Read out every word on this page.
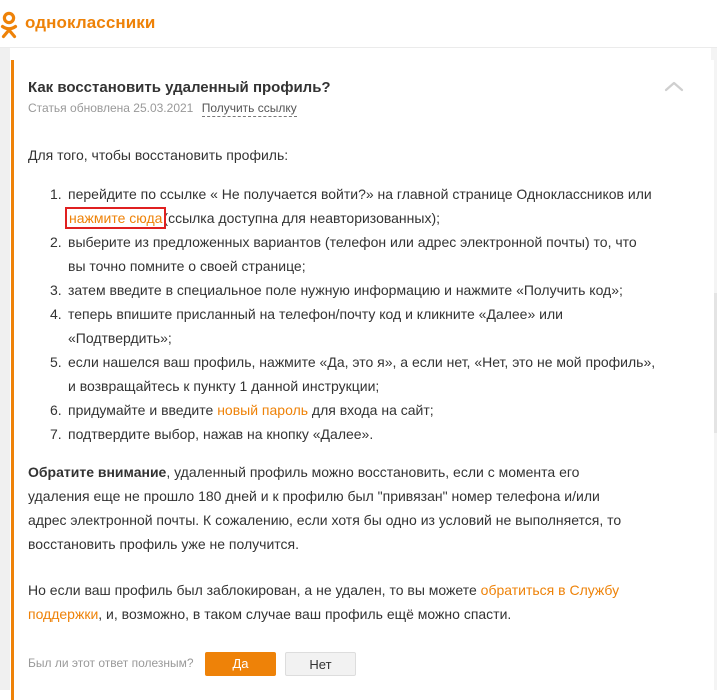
одноклассники
Как восстановить удаленный профиль?
Статья обновлена 25.03.2021 Получить ссылку
Для того, чтобы восстановить профиль:
1. перейдите по ссылке « Не получается войти?» на главной странице Одноклассников или нажмите сюда(ссылка доступна для неавторизованных);
2. выберите из предложенных вариантов (телефон или адрес электронной почты) то, что вы точно помните о своей странице;
3. затем введите в специальное поле нужную информацию и нажмите «Получить код»;
4. теперь впишите присланный на телефон/почту код и кликните «Далее» или «Подтвердить»;
5. если нашелся ваш профиль, нажмите «Да, это я», а если нет, «Нет, это не мой профиль», и возвращайтесь к пункту 1 данной инструкции;
6. придумайте и введите новый пароль для входа на сайт;
7. подтвердите выбор, нажав на кнопку «Далее».

Обратите внимание, удаленный профиль можно восстановить, если с момента его удаления еще не прошло 180 дней и к профилю был "привязан" номер телефона и/или адрес электронной почты. К сожалению, если хотя бы одно из условий не выполняется, то восстановить профиль уже не получится.

Но если ваш профиль был заблокирован, а не удален, то вы можете обратиться в Службу поддержки, и, возможно, в таком случае ваш профиль ещё можно спасти.

Был ли этот ответ полезным?	Да	Нет
